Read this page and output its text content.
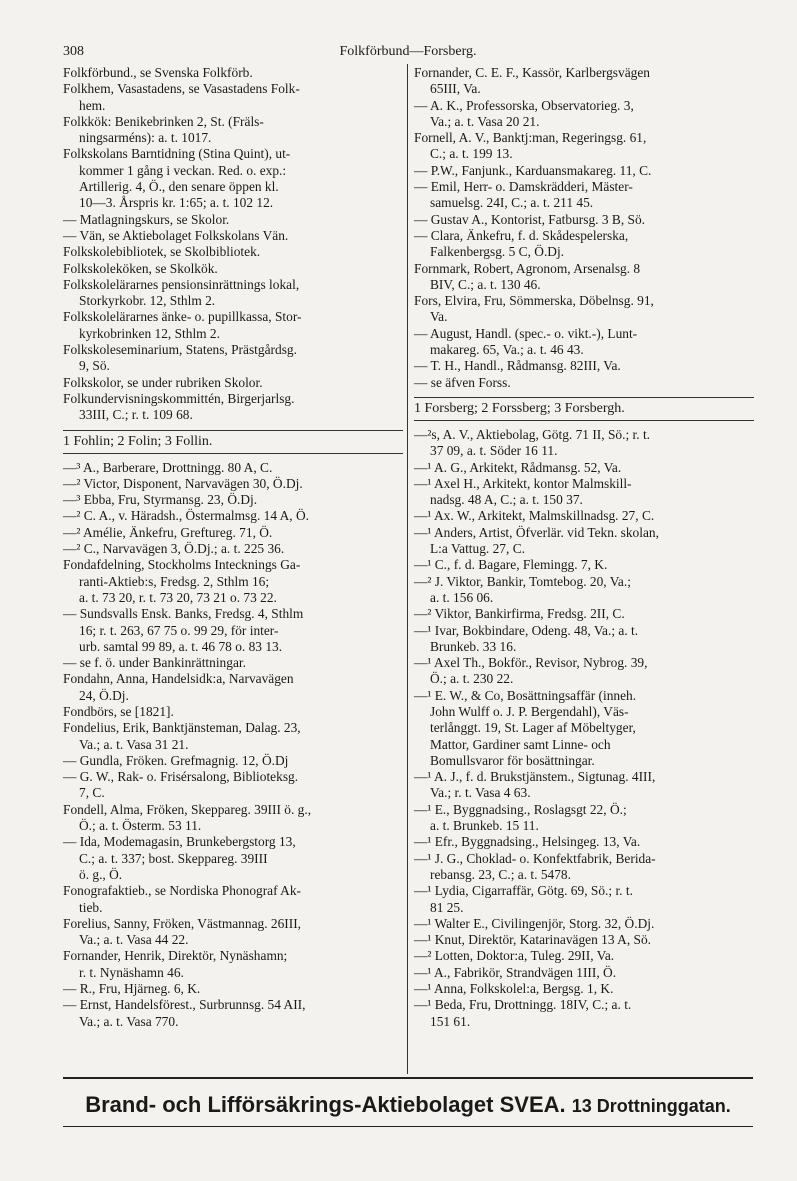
308	Folkförbund—Forsberg.
Folkförbund., se Svenska Folkförb.
Folkhem, Vasastadens, se Vasastadens Folk-
hem.
Folkkök: Benikebrinken 2, St. (Fräls-
ningsarméns): a. t. 1017.
Folkskolans Barntidning (Stina Quint), ut-
kommer 1 gång i veckan. Red. o. exp.:
Artillerig. 4, Ö., den senare öppen kl.
10—3. Årspris kr. 1:65; a. t. 102 12.
— Matlagningskurs, se Skolor.
— Vän, se Aktiebolaget Folkskolans Vän.
Folkskolebibliotek, se Skolbibliotek.
Folkskoleköken, se Skolkök.
Folkskolelärarnes pensionsinrättnings lokal,
Storkyrkobr. 12, Sthlm 2.
Folkskolelärarnes änke- o. pupillkassa, Stor-
kyrkobrinken 12, Sthlm 2.
Folkskoleseminarium, Statens, Prästgårdsg.
9, Sö.
Folkskolor, se under rubriken Skolor.
Folkundervisningskommittén, Birgerjarlsg.
33III, C.; r. t. 109 68.
1 Fohlin; 2 Folin; 3 Follin.
—³ A., Barberare, Drottningg. 80 A, C.
—² Victor, Disponent, Narvavägen 30, Ö.Dj.
—³ Ebba, Fru, Styrmansg. 23, Ö.Dj.
—² C. A., v. Häradsh., Östermalmsg. 14 A, Ö.
—² Amélie, Änkefru, Greftureg. 71, Ö.
—² C., Narvavägen 3, Ö.Dj.; a. t. 225 36.
Fondafdelning, Stockholms Intecknings Ga-
ranti-Aktieb:s, Fredsg. 2, Sthlm 16;
a. t. 73 20, r. t. 73 20, 73 21 o. 73 22.
— Sundsvalls Ensk. Banks, Fredsg. 4, Sthlm
16; r. t. 263, 67 75 o. 99 29, för inter-
urb. samtal 99 89, a. t. 46 78 o. 83 13.
— se f. ö. under Bankinrättningar.
Fondahn, Anna, Handelsidk:a, Narvavägen
24, Ö.Dj.
Fondbörs, se [1821].
Fondelius, Erik, Banktjänsteman, Dalag. 23,
Va.; a. t. Vasa 31 21.
— Gundla, Fröken. Grefmagnig. 12, Ö.Dj
— G. W., Rak- o. Frisérsalong, Biblioteksg.
7, C.
Fondell, Alma, Fröken, Skeppareg. 39III ö. g.,
Ö.; a. t. Österm. 53 11.
— Ida, Modemagasin, Brunkebergstorg 13,
C.; a. t. 337; bost. Skeppareg. 39III
ö. g., Ö.
Fonografaktieb., se Nordiska Phonograf Ak-
tieb.
Forelius, Sanny, Fröken, Västmannag. 26III,
Va.; a. t. Vasa 44 22.
Fornander, Henrik, Direktör, Nynäshamn;
r. t. Nynäshamn 46.
— R., Fru, Hjärneg. 6, K.
— Ernst, Handelsförest., Surbrunnsg. 54 AII,
Va.; a. t. Vasa 770.
Fornander, C. E. F., Kassör, Karlbergsvägen
65III, Va.
— A. K., Professorska, Observatorieg. 3,
Va.; a. t. Vasa 20 21.
Fornell, A. V., Banktj:man, Regeringsg. 61,
C.; a. t. 199 13.
— P.W., Fanjunk., Karduansmakareg. 11, C.
— Emil, Herr- o. Damskrädderi, Mäster-
samuelsg. 24I, C.; a. t. 211 45.
— Gustav A., Kontorist, Fatbursg. 3 B, Sö.
— Clara, Änkefru, f. d. Skådespelerska,
Falkenbergsg. 5 C, Ö.Dj.
Fornmark, Robert, Agronom, Arsenalsg. 8
BIV, C.; a. t. 130 46.
Fors, Elvira, Fru, Sömmerska, Döbelnsg. 91,
Va.
— August, Handl. (spec.- o. vikt.-), Lunt-
makareg. 65, Va.; a. t. 46 43.
— T. H., Handl., Rådmansg. 82III, Va.
— se äfven Forss.
1 Forsberg; 2 Forssberg; 3 Forsbergh.
—²s, A. V., Aktiebolag, Götg. 71 II, Sö.; r. t.
37 09, a. t. Söder 16 11.
—¹ A. G., Arkitekt, Rådmansg. 52, Va.
—¹ Axel H., Arkitekt, kontor Malmskill-
nadsg. 48 A, C.; a. t. 150 37.
—¹ Ax. W., Arkitekt, Malmskillnadsg. 27, C.
—¹ Anders, Artist, Öfverlär. vid Tekn. skolan,
L:a Vattug. 27, C.
—¹ C., f. d. Bagare, Flemingg. 7, K.
—² J. Viktor, Bankir, Tomtebog. 20, Va.;
a. t. 156 06.
—² Viktor, Bankirfirma, Fredsg. 2II, C.
—¹ Ivar, Bokbindare, Odeng. 48, Va.; a. t.
Brunkeb. 33 16.
—¹ Axel Th., Bokför., Revisor, Nybrog. 39,
Ö.; a. t. 230 22.
—¹ E. W., & Co, Bosättningsaffär (inneh.
John Wulff o. J. P. Bergendahl), Väs-
terlånggt. 19, St. Lager af Möbeltyger,
Mattor, Gardiner samt Linne- och
Bomullsvaror för bosättningar.
—¹ A. J., f. d. Brukstjänstem., Sigtunag. 4III,
Va.; r. t. Vasa 4 63.
—¹ E., Byggnadsing., Roslagsgt 22, Ö.;
a. t. Brunkeb. 15 11.
—¹ Efr., Byggnadsing., Helsingeg. 13, Va.
—¹ J. G., Choklad- o. Konfektfabrik, Berida-
rebansg. 23, C.; a. t. 5478.
—¹ Lydia, Cigarraffär, Götg. 69, Sö.; r. t.
81 25.
—¹ Walter E., Civilingenjör, Storg. 32, Ö.Dj.
—¹ Knut, Direktör, Katarinavägen 13 A, Sö.
—² Lotten, Doktor:a, Tuleg. 29II, Va.
—¹ A., Fabrikör, Strandvägen 1III, Ö.
—¹ Anna, Folkskolel:a, Bergsg. 1, K.
—¹ Beda, Fru, Drottningg. 18IV, C.; a. t.
151 61.
Brand- och Lifförsäkrings-Aktiebolaget SVEA. 13 Drottninggatan.
